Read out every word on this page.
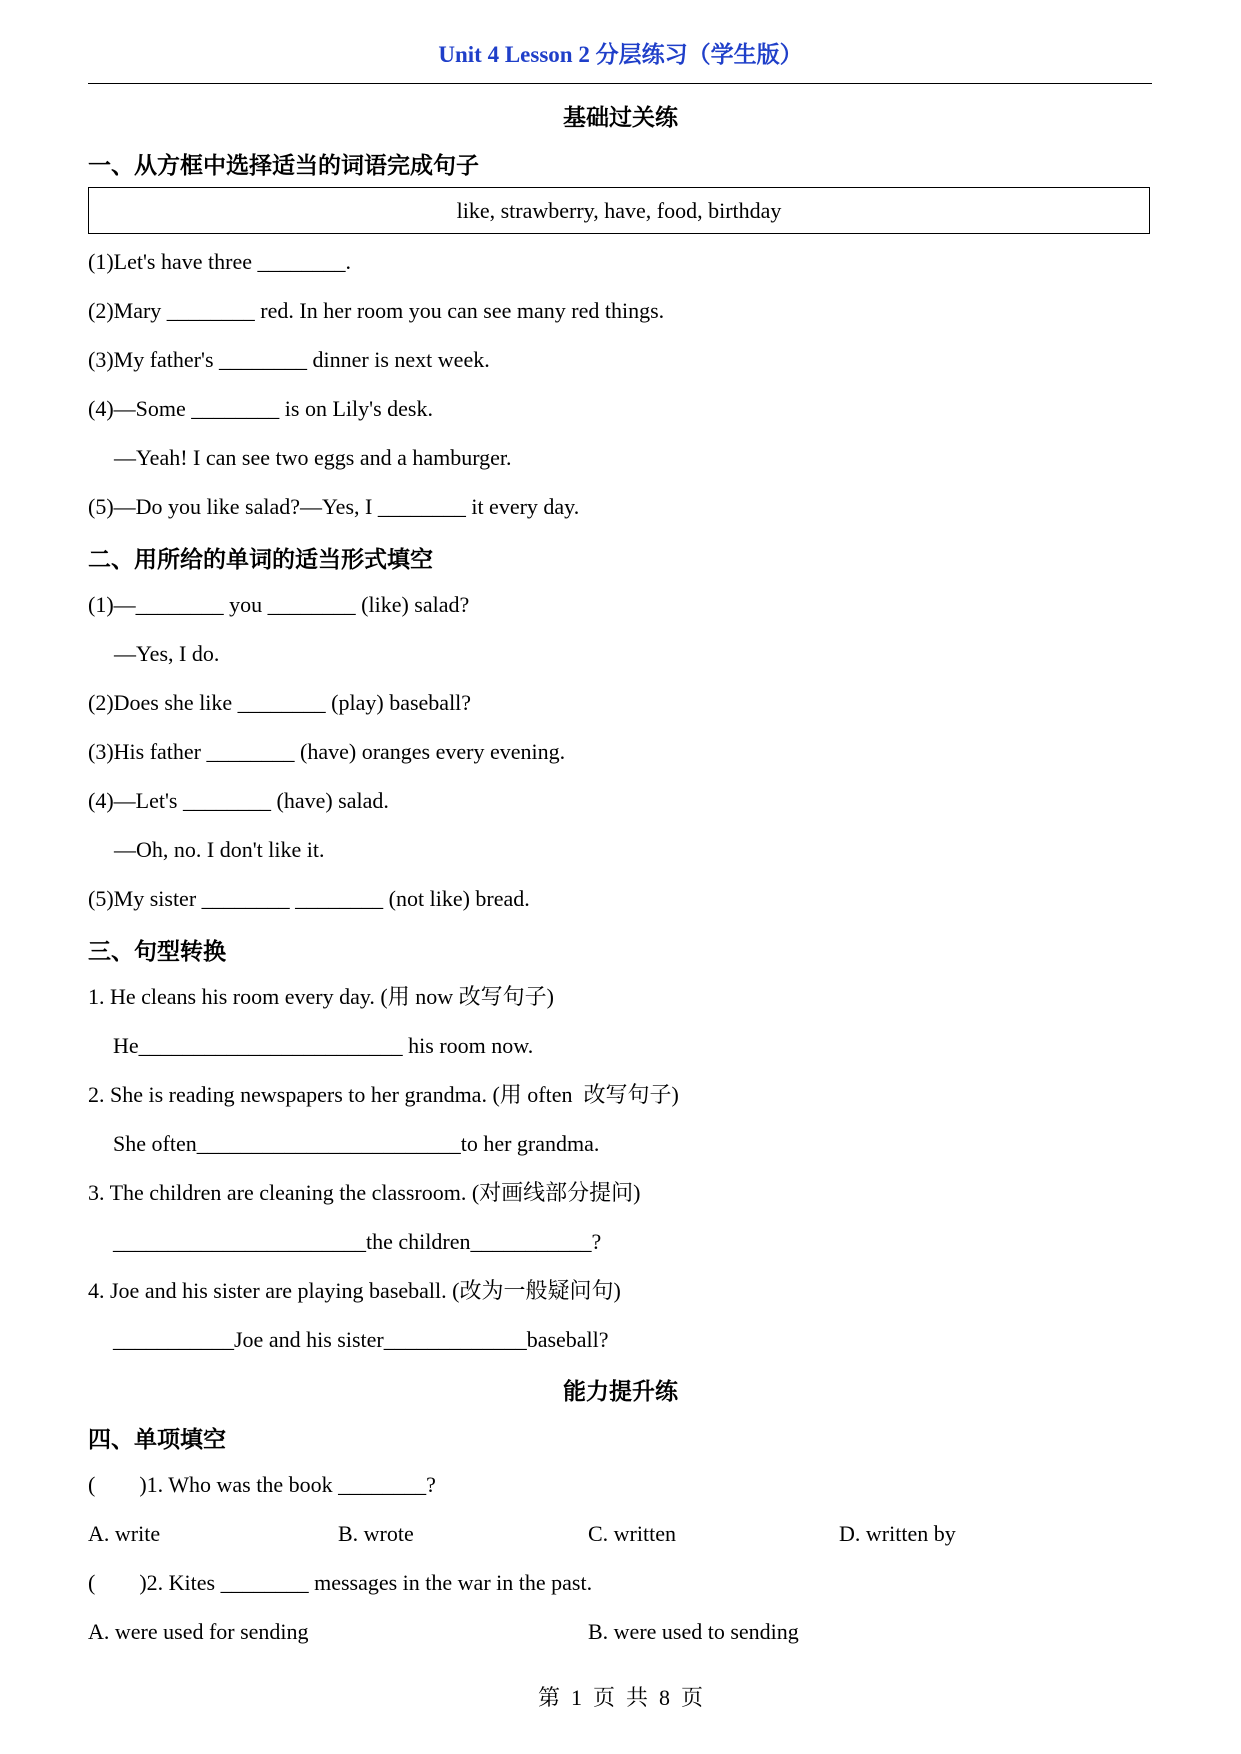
Unit 4 Lesson 2 分层练习（学生版）
基础过关练
一、从方框中选择适当的词语完成句子
like, strawberry, have, food, birthday
(1)Let's have three ________.
(2)Mary ________ red. In her room you can see many red things.
(3)My father's ________ dinner is next week.
(4)—Some ________ is on Lily's desk.
—Yeah! I can see two eggs and a hamburger.
(5)—Do you like salad?—Yes, I ________ it every day.
二、用所给的单词的适当形式填空
(1)—________ you ________ (like) salad?
—Yes, I do.
(2)Does she like ________ (play) baseball?
(3)His father ________ (have) oranges every evening.
(4)—Let's ________ (have) salad.
—Oh, no. I don't like it.
(5)My sister ________ ________ (not like) bread.
三、句型转换
1. He cleans his room every day. (用 now 改写句子)
He________________________ his room now.
2. She is reading newspapers to her grandma. (用 often  改写句子)
She often________________________to her grandma.
3. The children are cleaning the classroom. (对画线部分提问)
_______________________the children___________?
4. Joe and his sister are playing baseball. (改为一般疑问句)
___________Joe and his sister_____________baseball?
能力提升练
四、单项填空
(        )1. Who was the book ________?
A. write	B. wrote	C. written	D. written by
(        )2. Kites ________ messages in the war in the past.
A. were used for sending	B. were used to sending
第  1  页  共  8  页
